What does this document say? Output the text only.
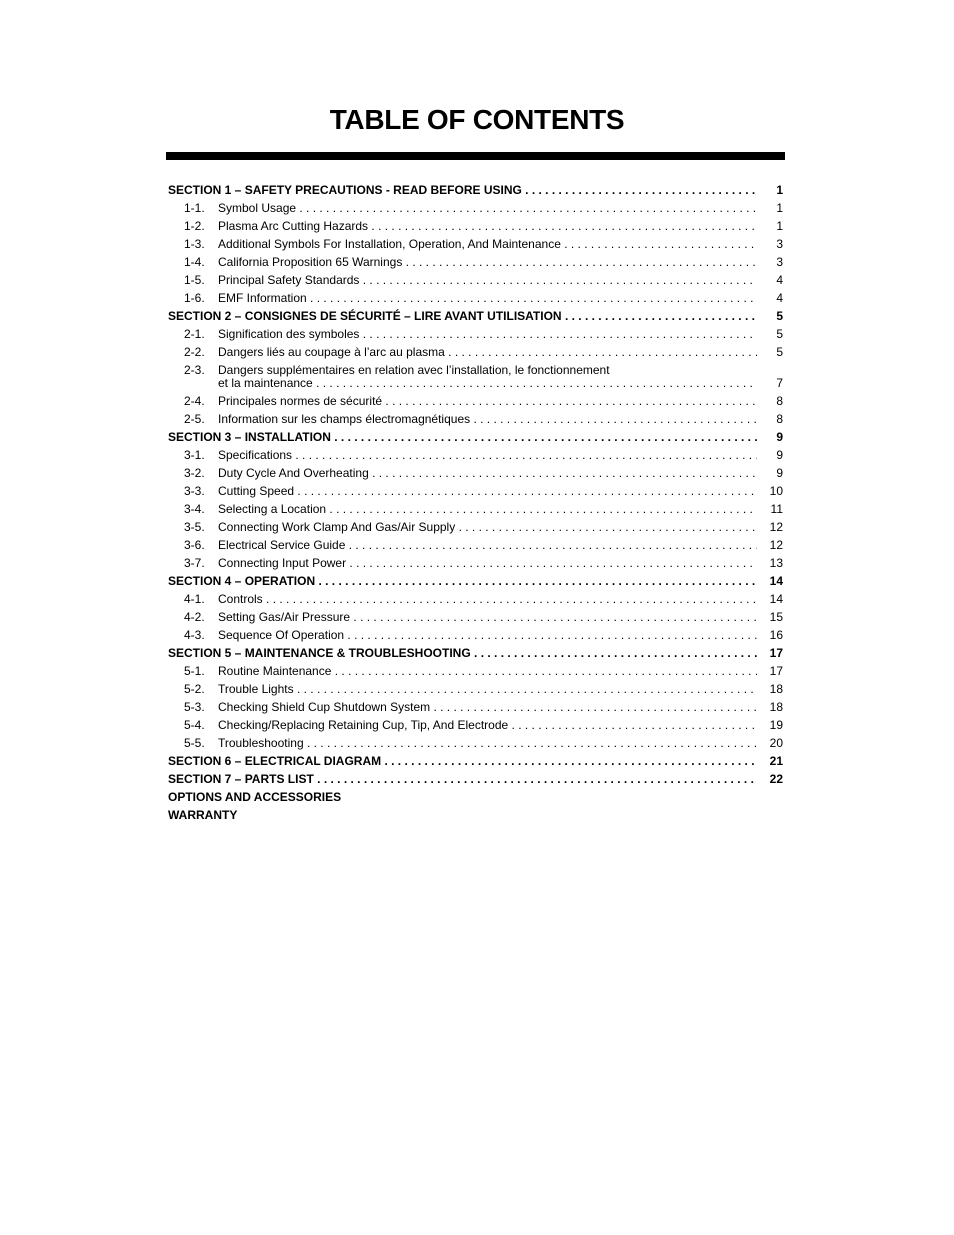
TABLE OF CONTENTS
SECTION 1 – SAFETY PRECAUTIONS - READ BEFORE USING . . .	1
1-1. Symbol Usage . . .	1
1-2. Plasma Arc Cutting Hazards . . .	1
1-3. Additional Symbols For Installation, Operation, And Maintenance . . .	3
1-4. California Proposition 65 Warnings . . .	3
1-5. Principal Safety Standards . . .	4
1-6. EMF Information . . .	4
SECTION 2 – CONSIGNES DE SÉCURITÉ – LIRE AVANT UTILISATION . . .	5
2-1. Signification des symboles . . .	5
2-2. Dangers liés au coupage à l’arc au plasma . . .	5
2-3. Dangers supplémentaires en relation avec l’installation, le fonctionnement
et la maintenance . . .	7
2-4. Principales normes de sécurité . . .	8
2-5. Information sur les champs électromagnétiques . . .	8
SECTION 3 – INSTALLATION . . .	9
3-1. Specifications . . .	9
3-2. Duty Cycle And Overheating . . .	9
3-3. Cutting Speed . . .	10
3-4. Selecting a Location . . .	11
3-5. Connecting Work Clamp And Gas/Air Supply . . .	12
3-6. Electrical Service Guide . . .	12
3-7. Connecting Input Power . . .	13
SECTION 4 – OPERATION . . .	14
4-1. Controls . . .	14
4-2. Setting Gas/Air Pressure . . .	15
4-3. Sequence Of Operation . . .	16
SECTION 5 – MAINTENANCE & TROUBLESHOOTING . . .	17
5-1. Routine Maintenance . . .	17
5-2. Trouble Lights . . .	18
5-3. Checking Shield Cup Shutdown System . . .	18
5-4. Checking/Replacing Retaining Cup, Tip, And Electrode . . .	19
5-5. Troubleshooting . . .	20
SECTION 6 – ELECTRICAL DIAGRAM . . .	21
SECTION 7 – PARTS LIST . . .	22
OPTIONS AND ACCESSORIES
WARRANTY
